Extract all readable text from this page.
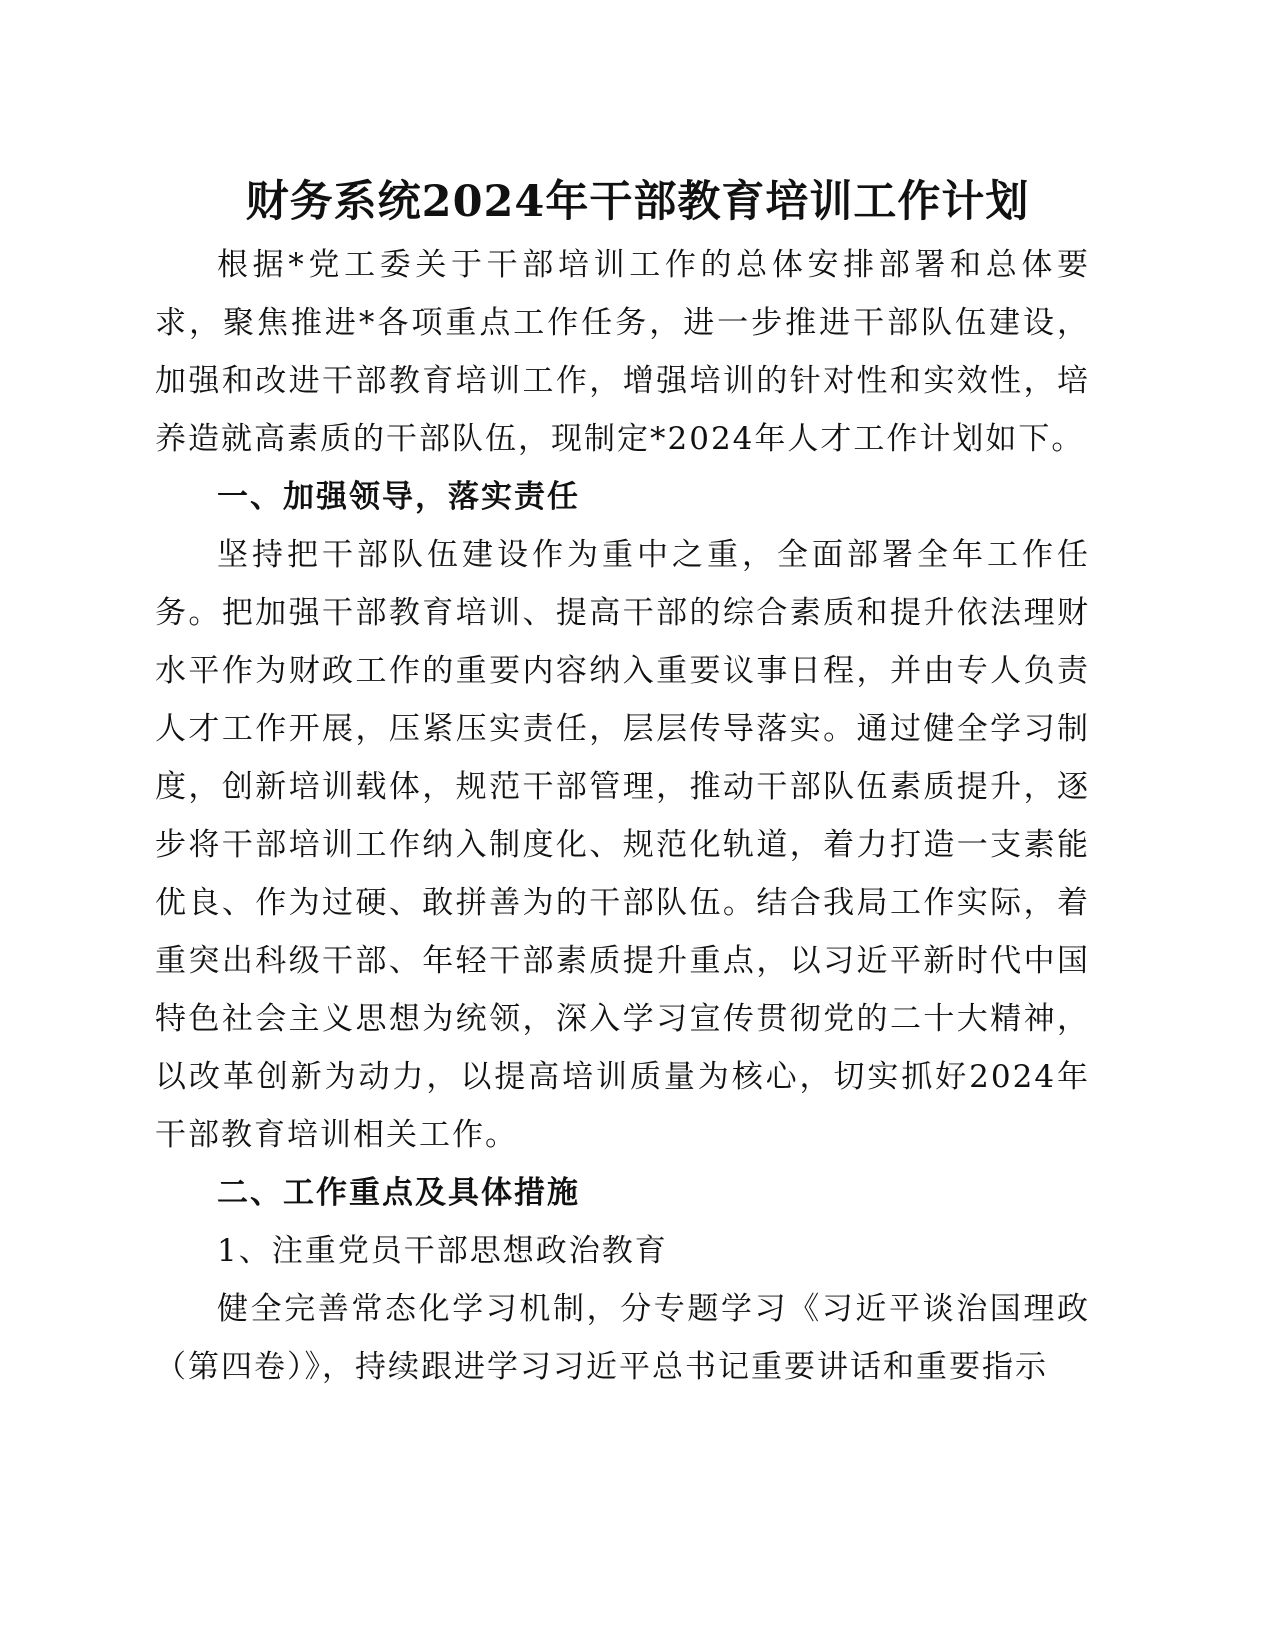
财务系统2024年干部教育培训工作计划

根据*党工委关于干部培训工作的总体安排部署和总体要求，聚焦推进*各项重点工作任务，进一步推进干部队伍建设，加强和改进干部教育培训工作，增强培训的针对性和实效性，培养造就高素质的干部队伍，现制定*2024年人才工作计划如下。

一、加强领导，落实责任

坚持把干部队伍建设作为重中之重，全面部署全年工作任务。把加强干部教育培训、提高干部的综合素质和提升依法理财水平作为财政工作的重要内容纳入重要议事日程，并由专人负责人才工作开展，压紧压实责任，层层传导落实。通过健全学习制度，创新培训载体，规范干部管理，推动干部队伍素质提升，逐步将干部培训工作纳入制度化、规范化轨道，着力打造一支素能优良、作为过硬、敢拼善为的干部队伍。结合我局工作实际，着重突出科级干部、年轻干部素质提升重点，以习近平新时代中国特色社会主义思想为统领，深入学习宣传贯彻党的二十大精神，以改革创新为动力，以提高培训质量为核心，切实抓好2024年干部教育培训相关工作。

二、工作重点及具体措施

1、注重党员干部思想政治教育

健全完善常态化学习机制，分专题学习《习近平谈治国理政（第四卷）》，持续跟进学习习近平总书记重要讲话和重要指示
